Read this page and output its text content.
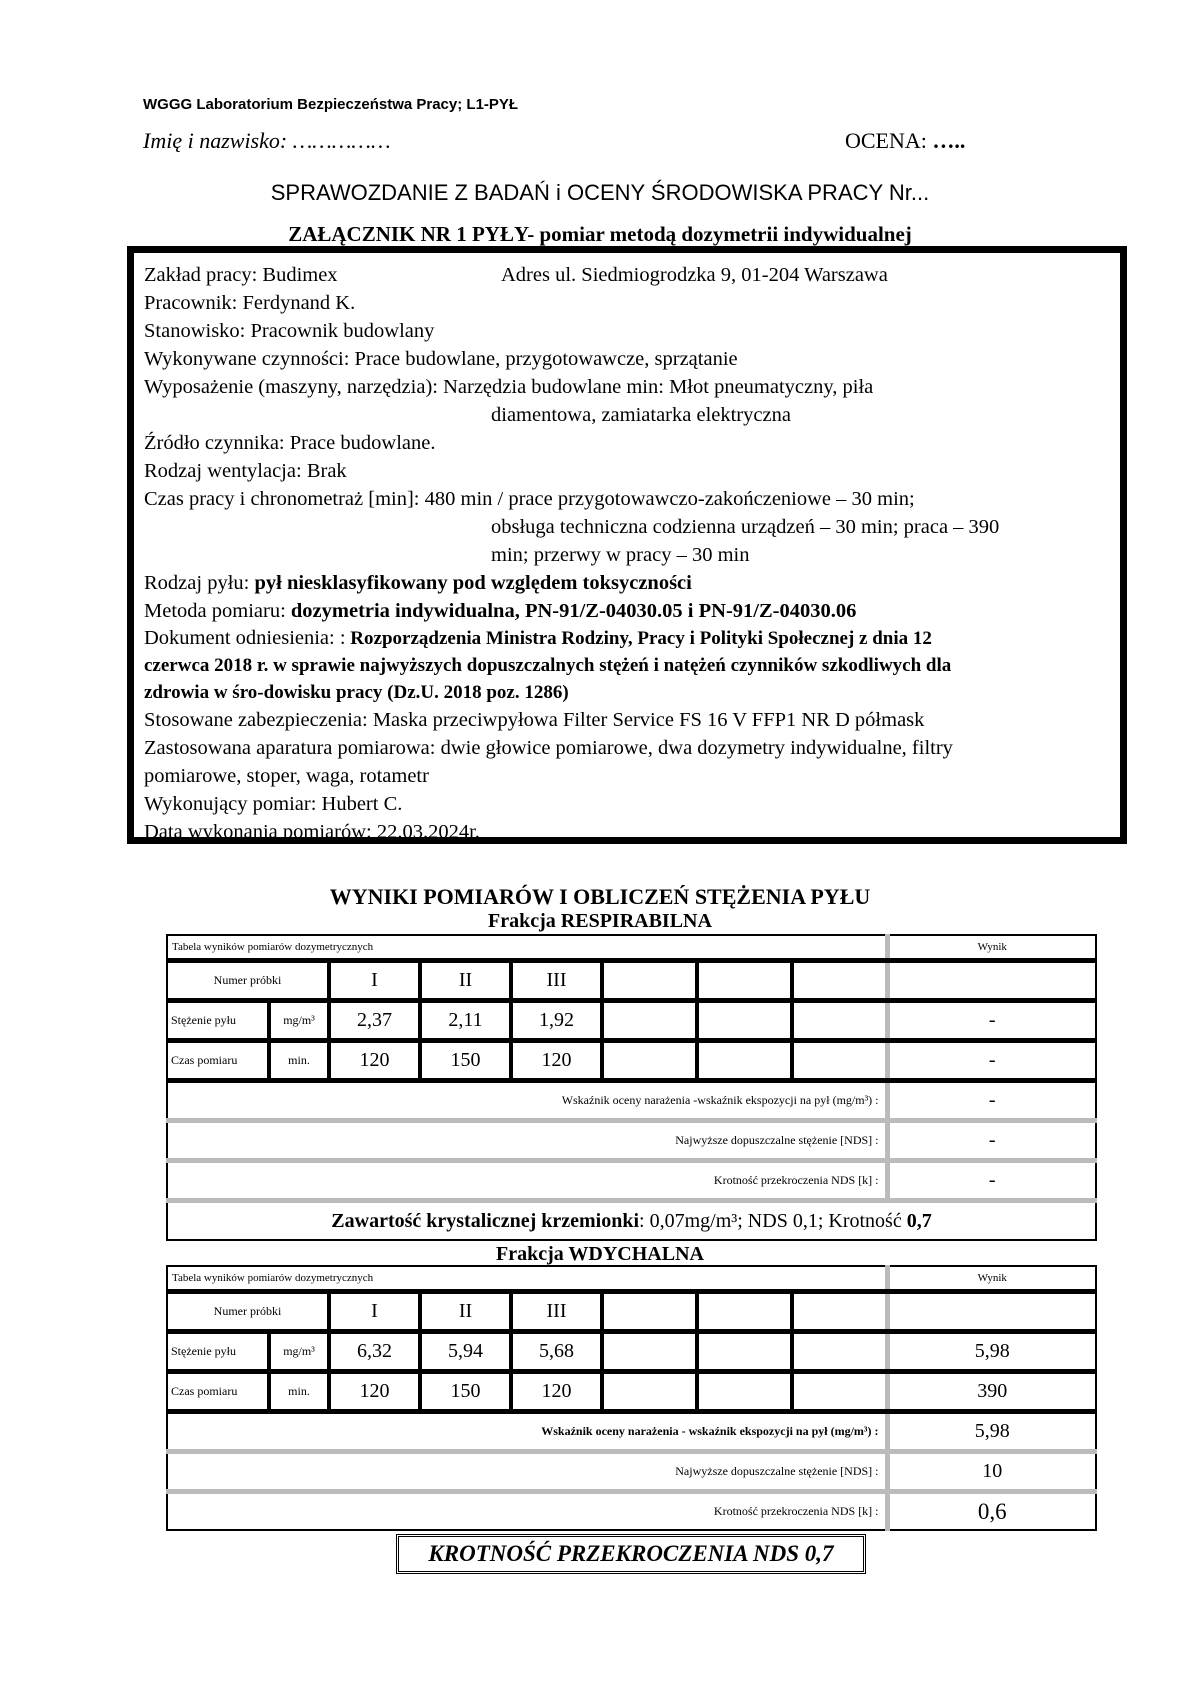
WGGG Laboratorium Bezpieczeństwa Pracy; L1-PYŁ
Imię i nazwisko: ……………	OCENA: …..
SPRAWOZDANIE Z BADAŃ i OCENY ŚRODOWISKA PRACY Nr...
ZAŁĄCZNIK NR 1 PYŁY- pomiar metodą dozymetrii indywidualnej
Zakład pracy: Budimex	Adres ul. Siedmiogrodzka 9, 01-204 Warszawa
Pracownik: Ferdynand K.
Stanowisko: Pracownik budowlany
Wykonywane czynności: Prace budowlane, przygotowawcze, sprzątanie
Wyposażenie (maszyny, narzędzia): Narzędzia budowlane min: Młot pneumatyczny, piła
diamentowa, zamiatarka elektryczna
Źródło czynnika: Prace budowlane.
Rodzaj wentylacja: Brak
Czas pracy i chronometraż [min]: 480 min / prace przygotowawczo-zakończeniowe – 30 min;
obsługa techniczna codzienna urządzeń – 30 min; praca – 390
min; przerwy w pracy – 30 min
Rodzaj pyłu: pył niesklasyfikowany pod względem toksyczności
Metoda pomiaru: dozymetria indywidualna, PN-91/Z-04030.05 i PN-91/Z-04030.06
Dokument odniesienia: : Rozporządzenia Ministra Rodziny, Pracy i Polityki Społecznej z dnia 12
czerwca 2018 r. w sprawie najwyższych dopuszczalnych stężeń i natężeń czynników szkodliwych dla
zdrowia w śro-dowisku pracy (Dz.U. 2018 poz. 1286)
Stosowane zabezpieczenia: Maska przeciwpyłowa Filter Service FS 16 V FFP1 NR D półmask
Zastosowana aparatura pomiarowa: dwie głowice pomiarowe, dwa dozymetry indywidualne, filtry
pomiarowe, stoper, waga, rotametr
Wykonujący pomiar: Hubert C.
Data wykonania pomiarów: 22.03.2024r.
WYNIKI POMIARÓW I OBLICZEŃ STĘŻENIA PYŁU
Frakcja RESPIRABILNA
Tabela wyników pomiarów dozymetrycznych								Wynik
Numer próbki		I	II	III				
Stężenie pyłu	mg/m³	2,37	2,11	1,92				-
Czas pomiaru	min.	120	150	120				-
Wskaźnik oceny narażenia -wskaźnik ekspozycji na pył (mg/m³) :								-
Najwyższe dopuszczalne stężenie [NDS] :								-
Krotność przekroczenia NDS [k] :								-
Zawartość krystalicznej krzemionki: 0,07mg/m³; NDS 0,1; Krotność 0,7								
Frakcja WDYCHALNA
Tabela wyników pomiarów dozymetrycznych								Wynik
Numer próbki		I	II	III				
Stężenie pyłu	mg/m³	6,32	5,94	5,68				5,98
Czas pomiaru	min.	120	150	120				390
Wskaźnik oceny narażenia - wskaźnik ekspozycji na pył (mg/m³) :								5,98
Najwyższe dopuszczalne stężenie [NDS] :								10
Krotność przekroczenia NDS [k] :								0,6
KROTNOŚĆ PRZEKROCZENIA NDS 0,7
